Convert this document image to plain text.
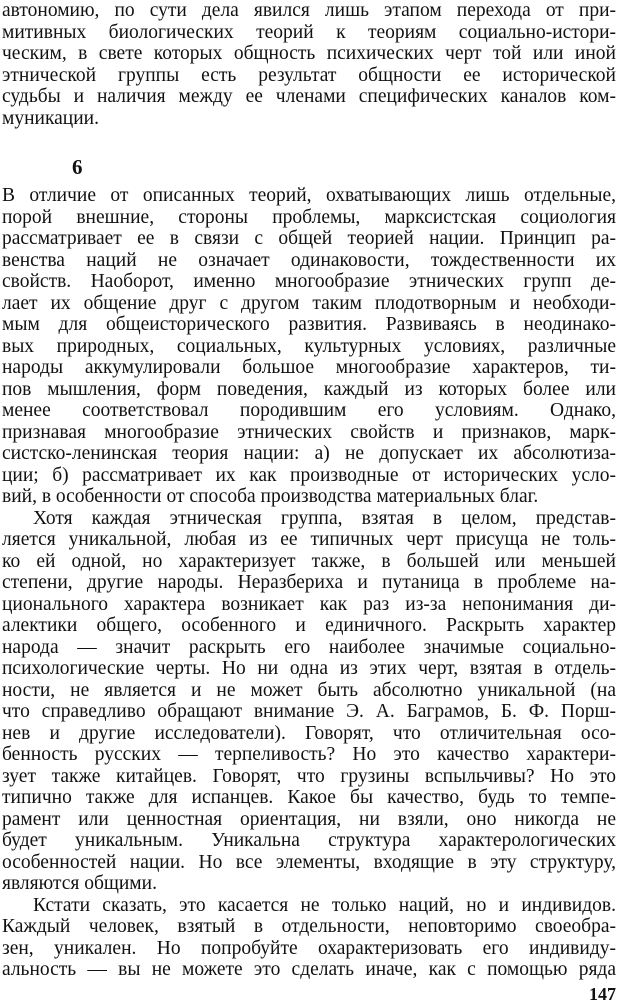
автономию, по сути дела явился лишь этапом перехода от при-
митивных биологических теорий к теориям социально-истори-
ческим, в свете которых общность психических черт той или иной
этнической группы есть результат общности ее исторической
судьбы и наличия между ее членами специфических каналов ком-
муникации.
6
В отличие от описанных теорий, охватывающих лишь отдельные,
порой внешние, стороны проблемы, марксистская социология
рассматривает ее в связи с общей теорией нации. Принцип ра-
венства наций не означает одинаковости, тождественности их
свойств. Наоборот, именно многообразие этнических групп де-
лает их общение друг с другом таким плодотворным и необходи-
мым для общеисторического развития. Развиваясь в неодинако-
вых природных, социальных, культурных условиях, различные
народы аккумулировали большое многообразие характеров, ти-
пов мышления, форм поведения, каждый из которых более или
менее соответствовал породившим его условиям. Однако,
признавая многообразие этнических свойств и признаков, марк-
систско-ленинская теория нации: а) не допускает их абсолютиза-
ции; б) рассматривает их как производные от исторических усло-
вий, в особенности от способа производства материальных благ.
Хотя каждая этническая группа, взятая в целом, представ-
ляется уникальной, любая из ее типичных черт присуща не толь-
ко ей одной, но характеризует также, в большей или меньшей
степени, другие народы. Неразбериха и путаница в проблеме на-
ционального характера возникает как раз из-за непонимания ди-
алектики общего, особенного и единичного. Раскрыть характер
народа — значит раскрыть его наиболее значимые социально-
психологические черты. Но ни одна из этих черт, взятая в отдель-
ности, не является и не может быть абсолютно уникальной (на
что справедливо обращают внимание Э. А. Баграмов, Б. Ф. Порш-
нев и другие исследователи). Говорят, что отличительная осо-
бенность русских — терпеливость? Но это качество характери-
зует также китайцев. Говорят, что грузины вспыльчивы? Но это
типично также для испанцев. Какое бы качество, будь то темпе-
рамент или ценностная ориентация, ни взяли, оно никогда не
будет уникальным. Уникальна структура характерологических
особенностей нации. Но все элементы, входящие в эту структуру,
являются общими.
Кстати сказать, это касается не только наций, но и индивидов.
Каждый человек, взятый в отдельности, неповторимо своеобра-
зен, уникален. Но попробуйте охарактеризовать его индивиду-
альность — вы не можете это сделать иначе, как с помощью ряда
147
